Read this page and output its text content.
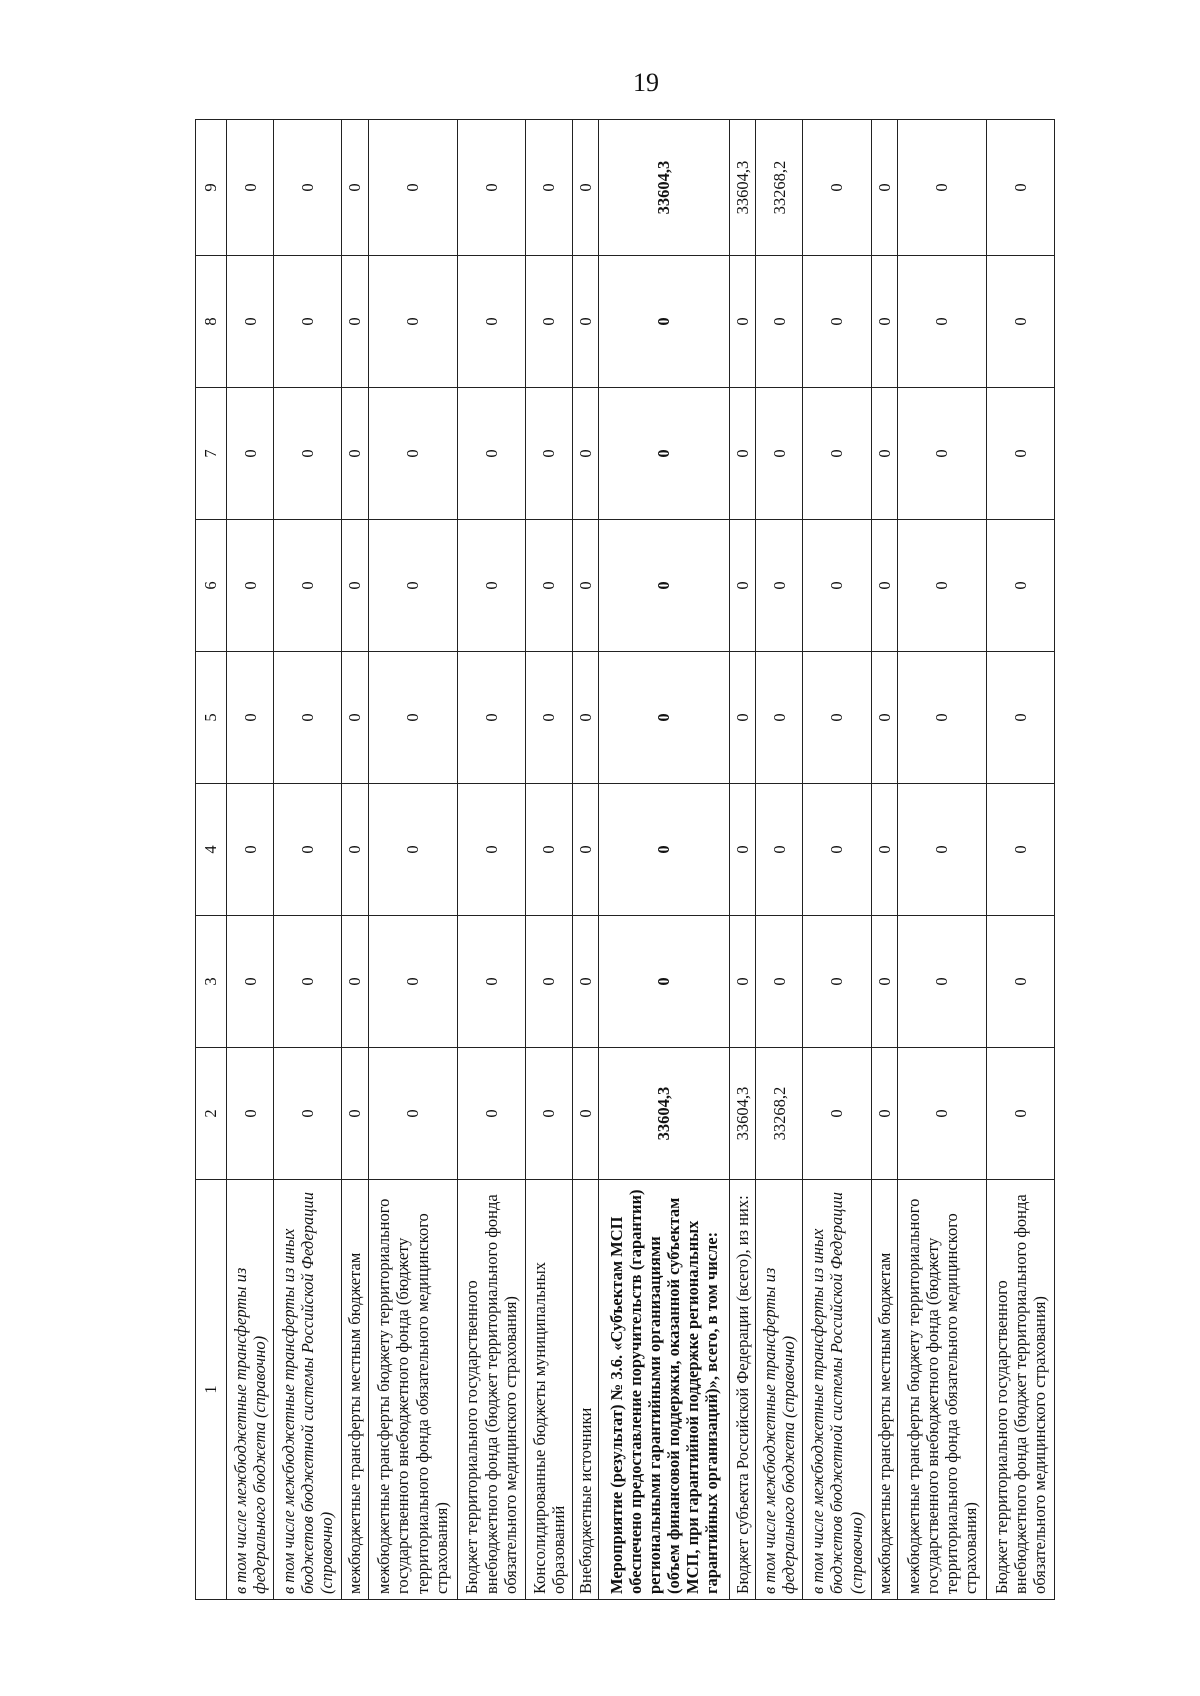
19
1	2	3	4	5	6	7	8	9
в том числе межбюджетные трансферты из федерального бюджета (справочно)	0	0	0	0	0	0	0	0
в том числе межбюджетные трансферты из иных бюджетов бюджетной системы Российской Федерации (справочно)	0	0	0	0	0	0	0	0
межбюджетные трансферты местным бюджетам	0	0	0	0	0	0	0	0
межбюджетные трансферты бюджету территориального государственного внебюджетного фонда (бюджету территориального фонда обязательного медицинского страхования)	0	0	0	0	0	0	0	0
Бюджет территориального государственного внебюджетного фонда (бюджет территориального фонда обязательного медицинского страхования)	0	0	0	0	0	0	0	0
Консолидированные бюджеты муниципальных образований	0	0	0	0	0	0	0	0
Внебюджетные источники	0	0	0	0	0	0	0	0
Мероприятие (результат) № 3.6. «Субъектам МСП обеспечено предоставление поручительств (гарантии) региональными гарантийными организациями (объем финансовой поддержки, оказанной субъектам МСП, при гарантийной поддержке региональных гарантийных организаций)», всего, в том числе:	33604,3	0	0	0	0	0	0	33604,3
Бюджет субъекта Российской Федерации (всего), из них:	33604,3	0	0	0	0	0	0	33604,3
в том числе межбюджетные трансферты из федерального бюджета (справочно)	33268,2	0	0	0	0	0	0	33268,2
в том числе межбюджетные трансферты из иных бюджетов бюджетной системы Российской Федерации (справочно)	0	0	0	0	0	0	0	0
межбюджетные трансферты местным бюджетам	0	0	0	0	0	0	0	0
межбюджетные трансферты бюджету территориального государственного внебюджетного фонда (бюджету территориального фонда обязательного медицинского страхования)	0	0	0	0	0	0	0	0
Бюджет территориального государственного внебюджетного фонда (бюджет территориального фонда обязательного медицинского страхования)	0	0	0	0	0	0	0	0
